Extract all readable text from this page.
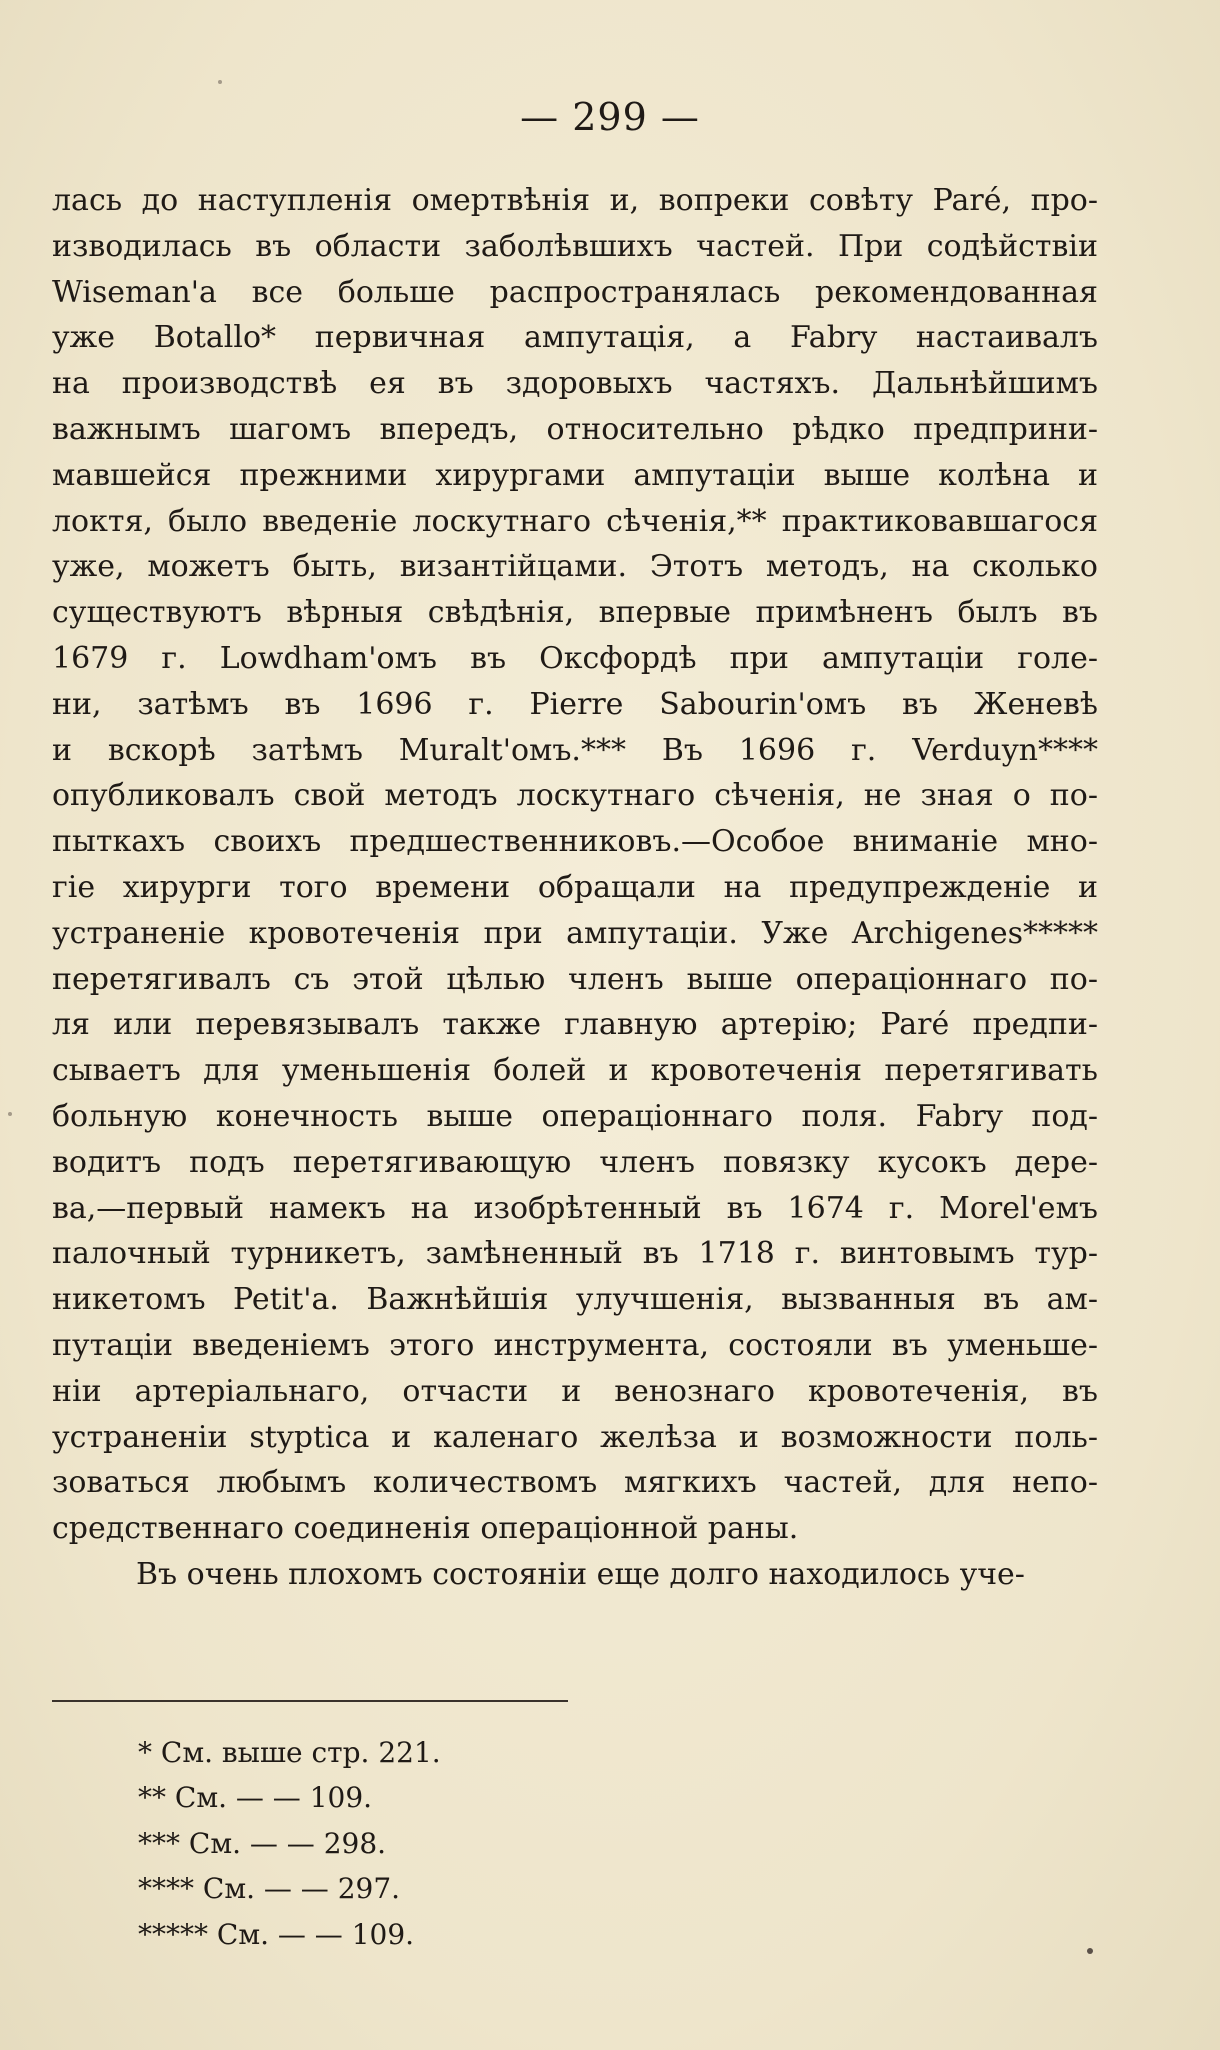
— 299 —
лась до наступленія омертвѣнія и, вопреки совѣту Paré, про-
изводилась въ области заболѣвшихъ частей. При содѣйствіи
Wiseman'а все больше распространялась рекомендованная
уже Botallo* первичная ампутація, а Fabry настаивалъ
на производствѣ ея въ здоровыхъ частяхъ. Дальнѣйшимъ
важнымъ шагомъ впередъ, относительно рѣдко предприни-
мавшейся прежними хирургами ампутаціи выше колѣна и
локтя, было введеніе лоскутнаго сѣченія,** практиковавшагося
уже, можетъ быть, византійцами. Этотъ методъ, на сколько
существуютъ вѣрныя свѣдѣнія, впервые примѣненъ былъ въ
1679 г. Lowdham'омъ въ Оксфордѣ при ампутаціи голе-
ни, затѣмъ въ 1696 г. Pierre Sabourin'омъ въ Женевѣ
и вскорѣ затѣмъ Muralt'омъ.*** Въ 1696 г. Verduyn****
опубликовалъ свой методъ лоскутнаго сѣченія, не зная о по-
пыткахъ своихъ предшественниковъ.—Особое вниманіе мно-
гіе хирурги того времени обращали на предупрежденіе и
устраненіе кровотеченія при ампутаціи. Уже Archigenes*****
перетягивалъ съ этой цѣлью членъ выше операціоннаго по-
ля или перевязывалъ также главную артерію; Paré предпи-
сываетъ для уменьшенія болей и кровотеченія перетягивать
больную конечность выше операціоннаго поля. Fabry под-
водитъ подъ перетягивающую членъ повязку кусокъ дере-
ва,—первый намекъ на изобрѣтенный въ 1674 г. Morel'емъ
палочный турникетъ, замѣненный въ 1718 г. винтовымъ тур-
никетомъ Petit'а. Важнѣйшія улучшенія, вызванныя въ ам-
путаціи введеніемъ этого инструмента, состояли въ уменьше-
ніи артеріальнаго, отчасти и венознаго кровотеченія, въ
устраненіи styptica и каленаго желѣза и возможности поль-
зоваться любымъ количествомъ мягкихъ частей, для непо-
средственнаго соединенія операціонной раны.
Въ очень плохомъ состояніи еще долго находилось уче-
* См. выше стр. 221.
** См. — — 109.
*** См. — — 298.
**** См. — — 297.
***** См. — — 109.
